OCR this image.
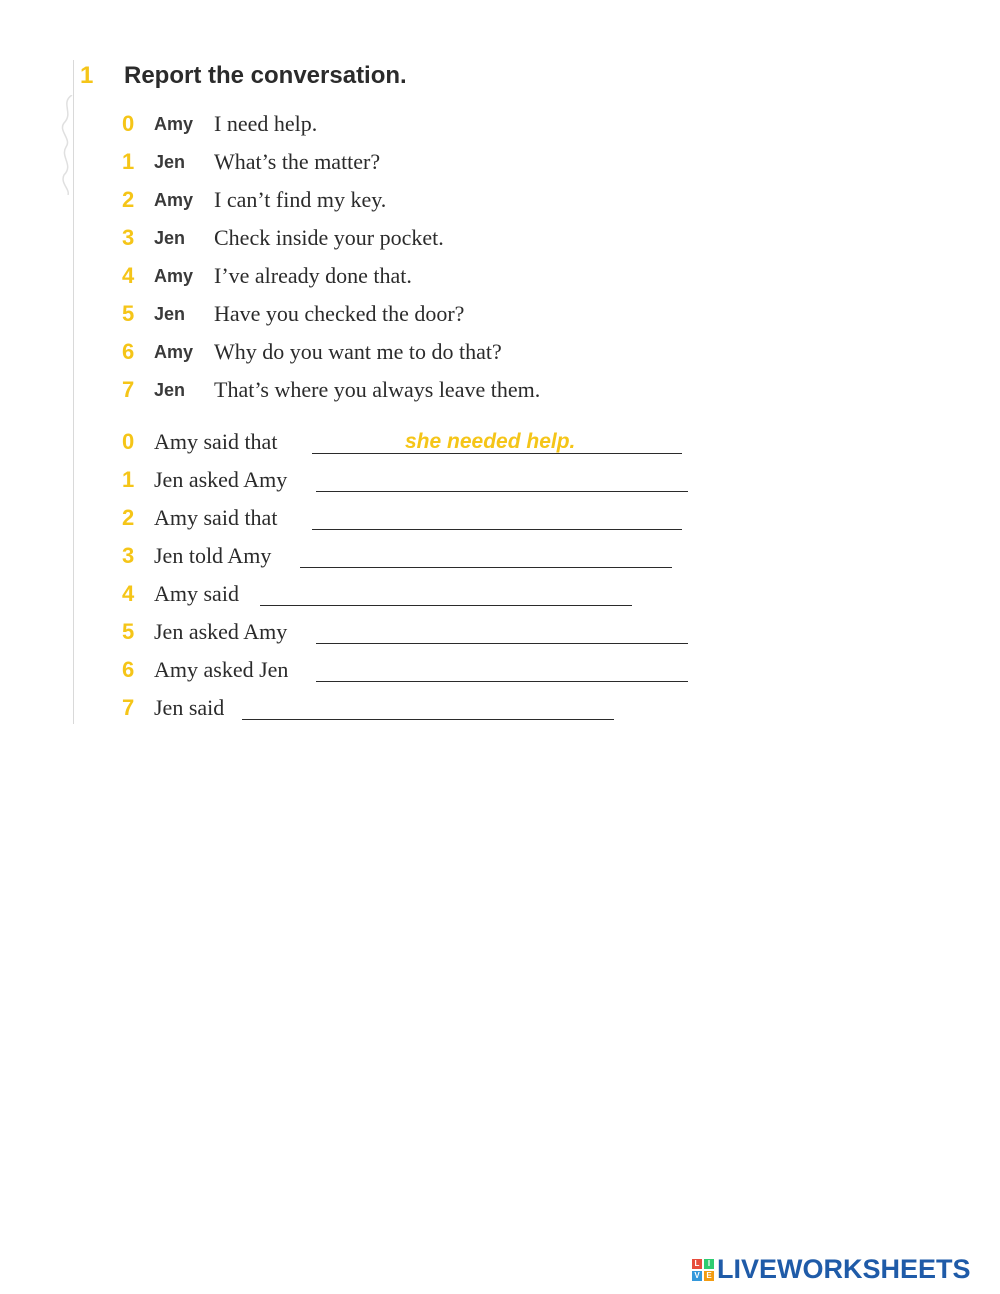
1 Report the conversation.
0	Amy I need help.
1	Jen What’s the matter?
2	Amy I can’t find my key.
3	Jen Check inside your pocket.
4	Amy I’ve already done that.
5	Jen Have you checked the door?
6	Amy Why do you want me to do that?
7	Jen That’s where you always leave them.
0 Amy said that	she needed help.
1 Jen asked Amy
2 Amy said that
3 Jen told Amy
4 Amy said
5 Jen asked Amy
6 Amy asked Jen
7 Jen said
L	I
V E LIVEWORKSHEETS
